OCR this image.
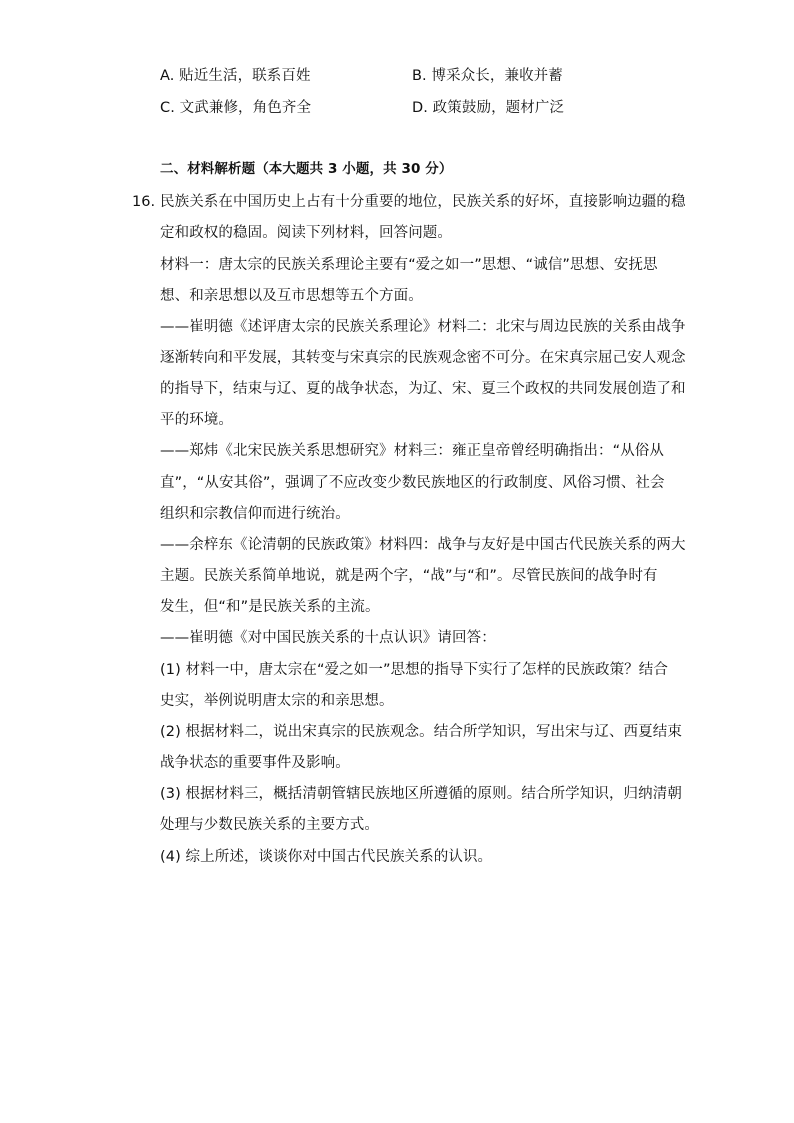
A. 贴近生活，联系百姓	B. 博采众长，兼收并蓄
C. 文武兼修，角色齐全	D. 政策鼓励，题材广泛
二、材料解析题（本大题共 3 小题，共 30 分）
16. 民族关系在中国历史上占有十分重要的地位，民族关系的好坏，直接影响边疆的稳
定和政权的稳固。阅读下列材料，回答问题。
材料一：唐太宗的民族关系理论主要有“爱之如一”思想、“诚信”思想、安抚思
想、和亲思想以及互市思想等五个方面。
——崔明德《述评唐太宗的民族关系理论》材料二：北宋与周边民族的关系由战争
逐渐转向和平发展，其转变与宋真宗的民族观念密不可分。在宋真宗屈己安人观念
的指导下，结束与辽、夏的战争状态，为辽、宋、夏三个政权的共同发展创造了和
平的环境。
——郑炜《北宋民族关系思想研究》材料三：雍正皇帝曾经明确指出：“从俗从
直”，“从安其俗”，强调了不应改变少数民族地区的行政制度、风俗习惯、社会
组织和宗教信仰而进行统治。
——余梓东《论清朝的民族政策》材料四：战争与友好是中国古代民族关系的两大
主题。民族关系简单地说，就是两个字，“战”与“和”。尽管民族间的战争时有
发生，但“和”是民族关系的主流。
——崔明德《对中国民族关系的十点认识》请回答：
(1) 材料一中，唐太宗在“爱之如一”思想的指导下实行了怎样的民族政策？结合
史实，举例说明唐太宗的和亲思想。
(2) 根据材料二，说出宋真宗的民族观念。结合所学知识，写出宋与辽、西夏结束
战争状态的重要事件及影响。
(3) 根据材料三，概括清朝管辖民族地区所遵循的原则。结合所学知识，归纳清朝
处理与少数民族关系的主要方式。
(4) 综上所述，谈谈你对中国古代民族关系的认识。
